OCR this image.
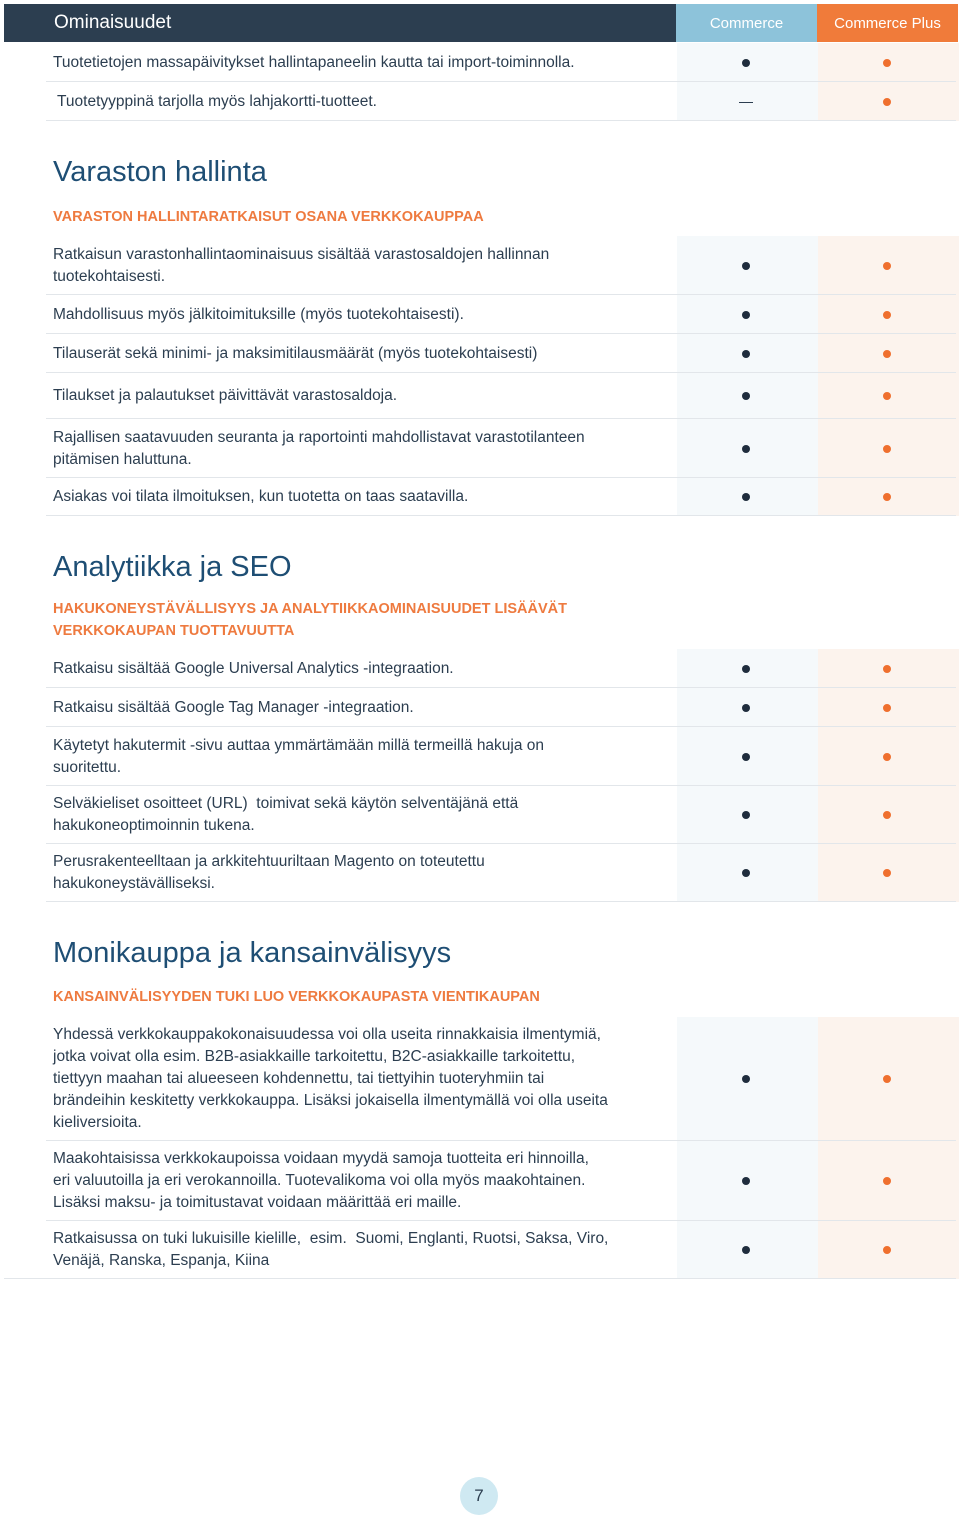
Ominaisuudet	Commerce	Commerce Plus
Tuotetietojen massapäivitykset hallintapaneelin kautta tai import-toiminnolla.
Tuotetyyppinä tarjolla myös lahjakortti-tuotteet.
Varaston hallinta
VARASTON HALLINTARATKAISUT OSANA VERKKOKAUPPAA
Ratkaisun varastonhallintaominaisuus sisältää varastosaldojen hallinnan
tuotekohtaisesti.
Mahdollisuus myös jälkitoimituksille (myös tuotekohtaisesti).
Tilauserät sekä minimi- ja maksimitilausmäärät (myös tuotekohtaisesti)
Tilaukset ja palautukset päivittävät varastosaldoja.
Rajallisen saatavuuden seuranta ja raportointi mahdollistavat varastotilanteen
pitämisen haluttuna.
Asiakas voi tilata ilmoituksen, kun tuotetta on taas saatavilla.
Analytiikka ja SEO
HAKUKONEYSTÄVÄLLISYYS JA ANALYTIIKKAOMINAISUUDET LISÄÄVÄT
VERKKOKAUPAN TUOTTAVUUTTA
Ratkaisu sisältää Google Universal Analytics -integraation.
Ratkaisu sisältää Google Tag Manager -integraation.
Käytetyt hakutermit -sivu auttaa ymmärtämään millä termeillä hakuja on
suoritettu.
Selväkieliset osoitteet (URL)  toimivat sekä käytön selventäjänä että
hakukoneoptimoinnin tukena.
Perusrakenteelltaan ja arkkitehtuuriltaan Magento on toteutettu
hakukoneystävälliseksi.
Monikauppa ja kansainvälisyys
KANSAINVÄLISYYDEN TUKI LUO VERKKOKAUPASTA VIENTIKAUPAN
Yhdessä verkkokauppakokonaisuudessa voi olla useita rinnakkaisia ilmentymiä,
jotka voivat olla esim. B2B-asiakkaille tarkoitettu, B2C-asiakkaille tarkoitettu,
tiettyyn maahan tai alueeseen kohdennettu, tai tiettyihin tuoteryhmiin tai
brändeihin keskitetty verkkokauppa. Lisäksi jokaisella ilmentymällä voi olla useita
kieliversioita.
Maakohtaisissa verkkokaupoissa voidaan myydä samoja tuotteita eri hinnoilla,
eri valuutoilla ja eri verokannoilla. Tuotevalikoma voi olla myös maakohtainen.
Lisäksi maksu- ja toimitustavat voidaan määrittää eri maille.
Ratkaisussa on tuki lukuisille kielille,  esim.  Suomi, Englanti, Ruotsi, Saksa, Viro,
Venäjä, Ranska, Espanja, Kiina
7
